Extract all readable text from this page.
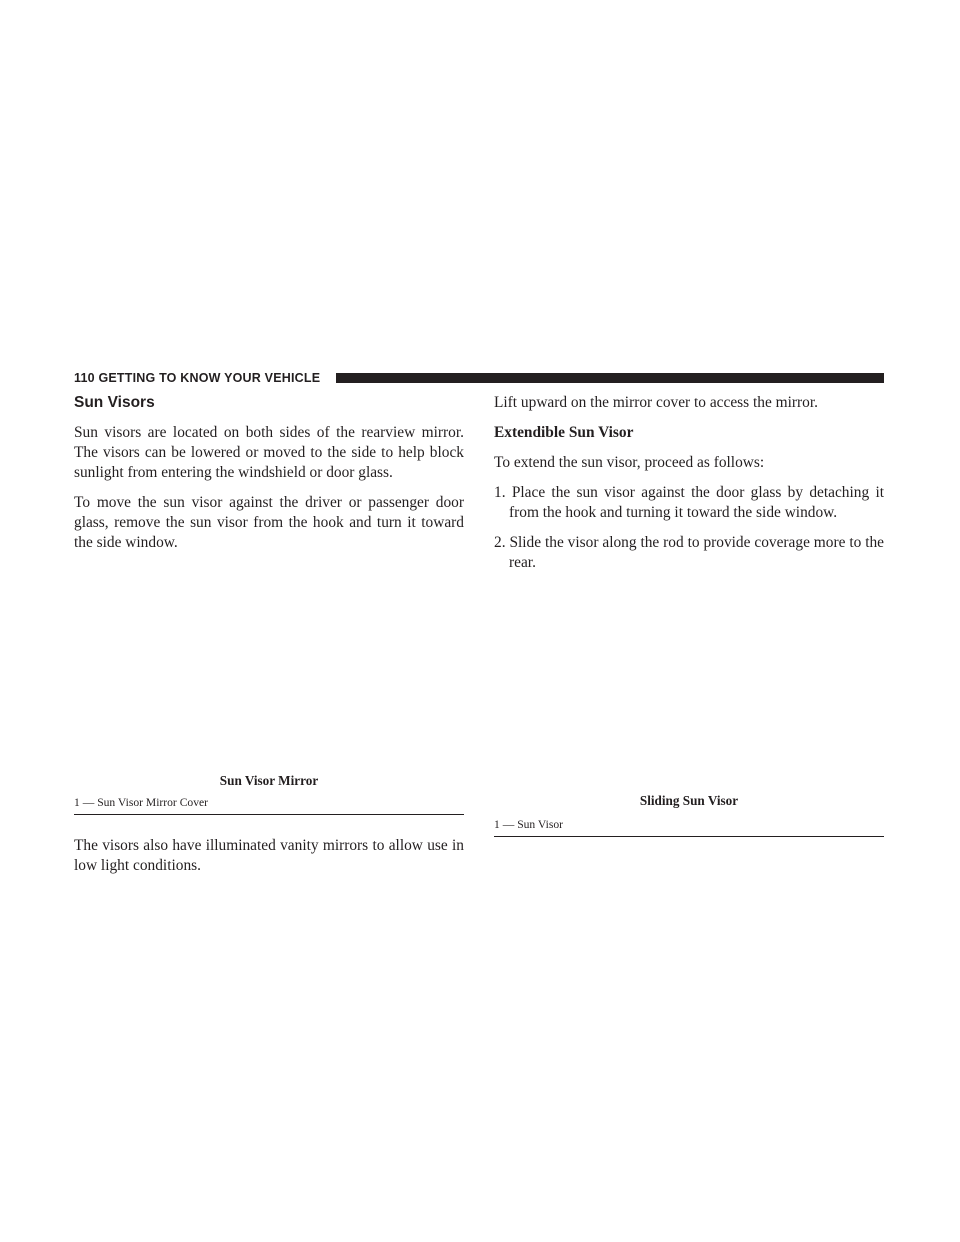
110 GETTING TO KNOW YOUR VEHICLE
Sun Visors

Sun visors are located on both sides of the rearview mirror. The visors can be lowered or moved to the side to help block sunlight from entering the windshield or door glass.

To move the sun visor against the driver or passenger door glass, remove the sun visor from the hook and turn it toward the side window.

Sun Visor Mirror
1 — Sun Visor Mirror Cover

The visors also have illuminated vanity mirrors to allow use in low light conditions.

Lift upward on the mirror cover to access the mirror.

Extendible Sun Visor

To extend the sun visor, proceed as follows:

1. Place the sun visor against the door glass by detaching it from the hook and turning it toward the side window.
2. Slide the visor along the rod to provide coverage more to the rear.
Sliding Sun Visor
1 — Sun Visor
